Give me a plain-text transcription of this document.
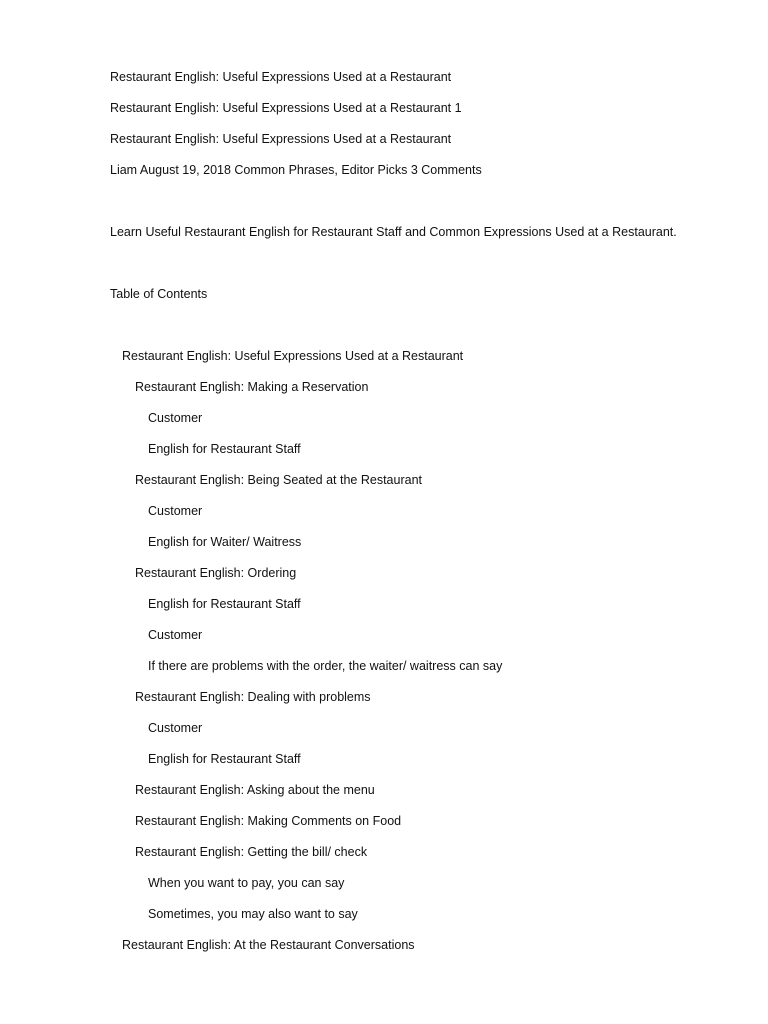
Restaurant English: Useful Expressions Used at a Restaurant
Restaurant English: Useful Expressions Used at a Restaurant 1
Restaurant English: Useful Expressions Used at a Restaurant
Liam August 19, 2018 Common Phrases, Editor Picks 3 Comments
Learn Useful Restaurant English for Restaurant Staff and Common Expressions Used at a Restaurant.
Table of Contents
Restaurant English: Useful Expressions Used at a Restaurant
Restaurant English: Making a Reservation
Customer
English for Restaurant Staff
Restaurant English: Being Seated at the Restaurant
Customer
English for Waiter/ Waitress
Restaurant English: Ordering
English for Restaurant Staff
Customer
If there are problems with the order, the waiter/ waitress can say
Restaurant English: Dealing with problems
Customer
English for Restaurant Staff
Restaurant English: Asking about the menu
Restaurant English: Making Comments on Food
Restaurant English: Getting the bill/ check
When you want to pay, you can say
Sometimes, you may also want to say
Restaurant English: At the Restaurant Conversations
